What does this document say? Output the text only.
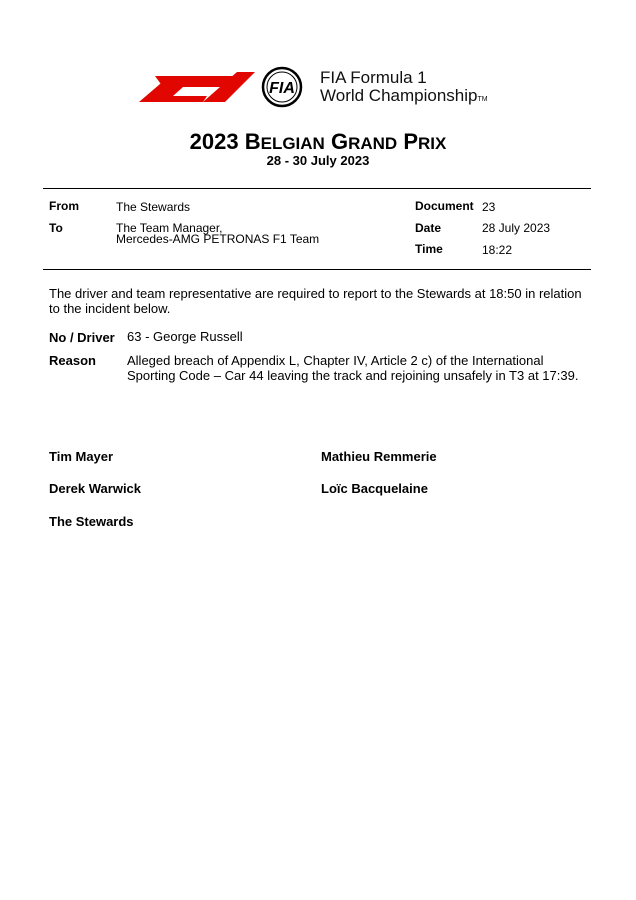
FIA
FIA Formula 1
World ChampionshipTM
2023 BELGIAN GRAND PRIX
28 - 30 July 2023
From	The Stewards
To	The Team Manager,
Mercedes-AMG PETRONAS F1 Team
Document 23
Date	28 July 2023
Time	18:22
The driver and team representative are required to report to the Stewards at 18:50 in relation to the incident below.
No / Driver 63 - George Russell
Reason Alleged breach of Appendix L, Chapter IV, Article 2 c) of the International Sporting Code – Car 44 leaving the track and rejoining unsafely in T3 at 17:39.
Tim Mayer	Mathieu Remmerie
Derek Warwick	Loïc Bacquelaine
The Stewards
